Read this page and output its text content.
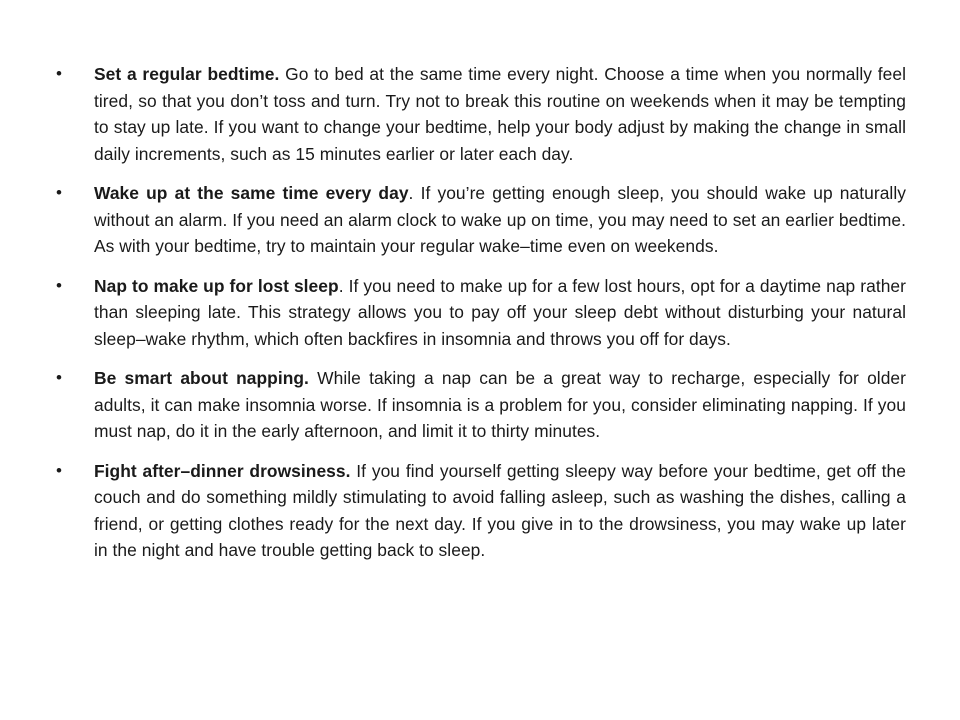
•	Set a regular bedtime. Go to bed at the same time every night. Choose a time when you normally feel tired, so that you don’t toss and turn. Try not to break this routine on weekends when it may be tempting to stay up late. If you want to change your bedtime, help your body adjust by making the change in small daily increments, such as 15 minutes earlier or later each day.
•	Wake up at the same time every day. If you’re getting enough sleep, you should wake up naturally without an alarm. If you need an alarm clock to wake up on time, you may need to set an earlier bedtime. As with your bedtime, try to maintain your regular wake–time even on weekends.
•	Nap to make up for lost sleep. If you need to make up for a few lost hours, opt for a daytime nap rather than sleeping late. This strategy allows you to pay off your sleep debt without disturbing your natural sleep–wake rhythm, which often backfires in insomnia and throws you off for days.
•	Be smart about napping. While taking a nap can be a great way to recharge, especially for older adults, it can make insomnia worse. If insomnia is a problem for you, consider eliminating napping. If you must nap, do it in the early afternoon, and limit it to thirty minutes.
•	Fight after–dinner drowsiness. If you find yourself getting sleepy way before your bedtime, get off the couch and do something mildly stimulating to avoid falling asleep, such as washing the dishes, calling a friend, or getting clothes ready for the next day. If you give in to the drowsiness, you may wake up later in the night and have trouble getting back to sleep.
